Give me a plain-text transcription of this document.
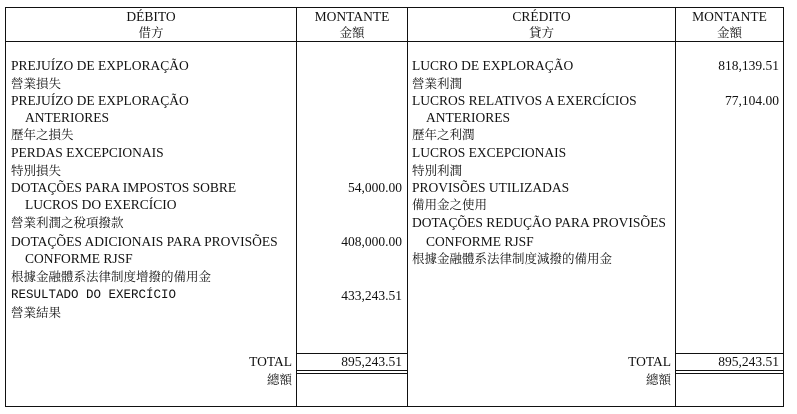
DÉBITO
借方
MONTANTE
金額
CRÉDITO
貸方
MONTANTE
金額
PREJUÍZO DE EXPLORAÇÃO
營業損失
PREJUÍZO DE EXPLORAÇÃO
ANTERIORES
歷年之損失
PERDAS EXCEPCIONAIS
特別損失
DOTAÇÕES PARA IMPOSTOS SOBRE
LUCROS DO EXERCÍCIO
營業利潤之稅項撥款
DOTAÇÕES ADICIONAIS PARA PROVISÕES
CONFORME RJSF
根據金融體系法律制度增撥的備用金
RESULTADO DO EXERCÍCIO
營業結果
54,000.00
408,000.00
433,243.51
LUCRO DE EXPLORAÇÃO
營業利潤
LUCROS RELATIVOS A EXERCÍCIOS
ANTERIORES
歷年之利潤
LUCROS EXCEPCIONAIS
特別利潤
PROVISÕES UTILIZADAS
備用金之使用
DOTAÇÕES REDUÇÃO PARA PROVISÕES
CONFORME RJSF
根據金融體系法律制度減撥的備用金
818,139.51
77,104.00
TOTAL
總額
895,243.51	TOTAL
總額
895,243.51
